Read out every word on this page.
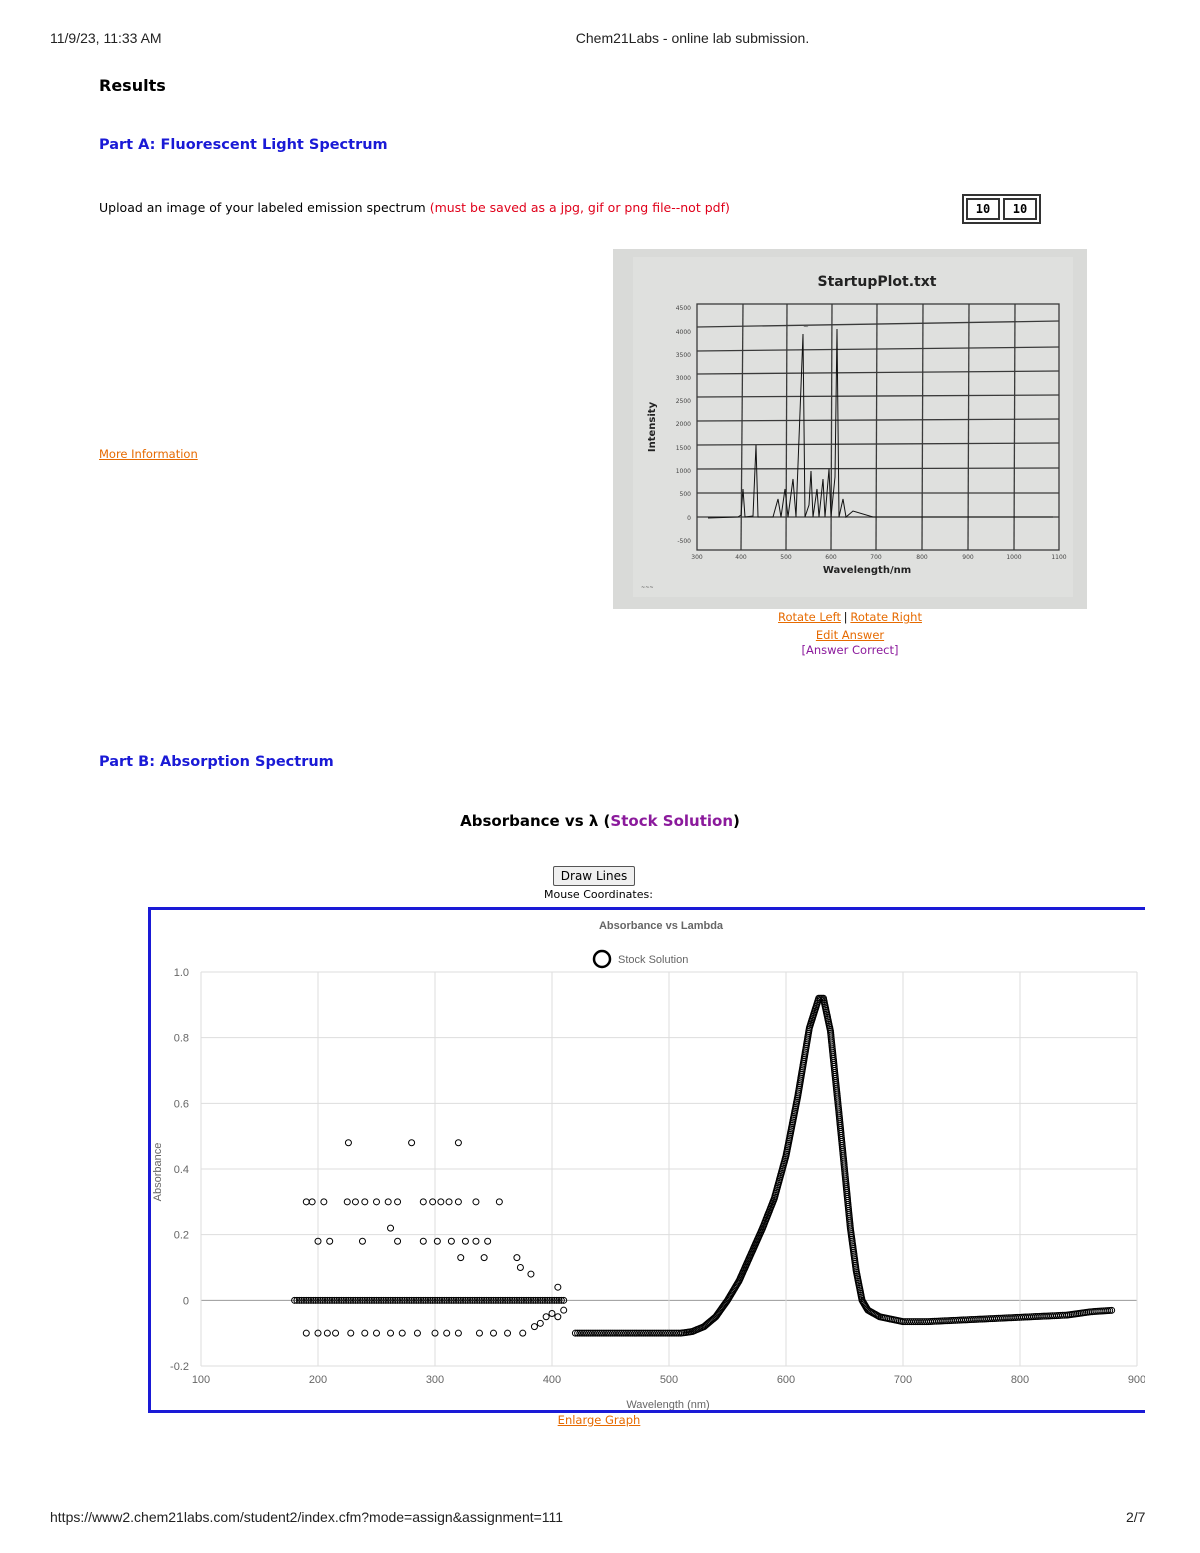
11/9/23, 11:33 AM	Chem21Labs - online lab submission.
Results
Part A: Fluorescent Light Spectrum
Upload an image of your labeled emission spectrum (must be saved as a jpg, gif or png file--not pdf)	10	10
More Information
StartupPlot.txt
4500
4000
3500
3000
2500
2000
1500
1000
500
0
-500
300	400	500	600	700	800	900	1000	1100
Intensity
Wavelength/nm
~
~~~
Rotate Left | Rotate Right
Edit Answer
[Answer Correct]
Part B: Absorption Spectrum
Absorbance vs λ (Stock Solution)
Draw Lines
Mouse Coordinates:
Absorbance vs Lambda
Stock Solution
-0.2
0
0.2
0.4
0.6
0.8
1.0
100	200	300	400	500	600	700	800	900
Absorbance
Wavelength (nm)
Enlarge Graph
https://www2.chem21labs.com/student2/index.cfm?mode=assign&assignment=111	2/7
